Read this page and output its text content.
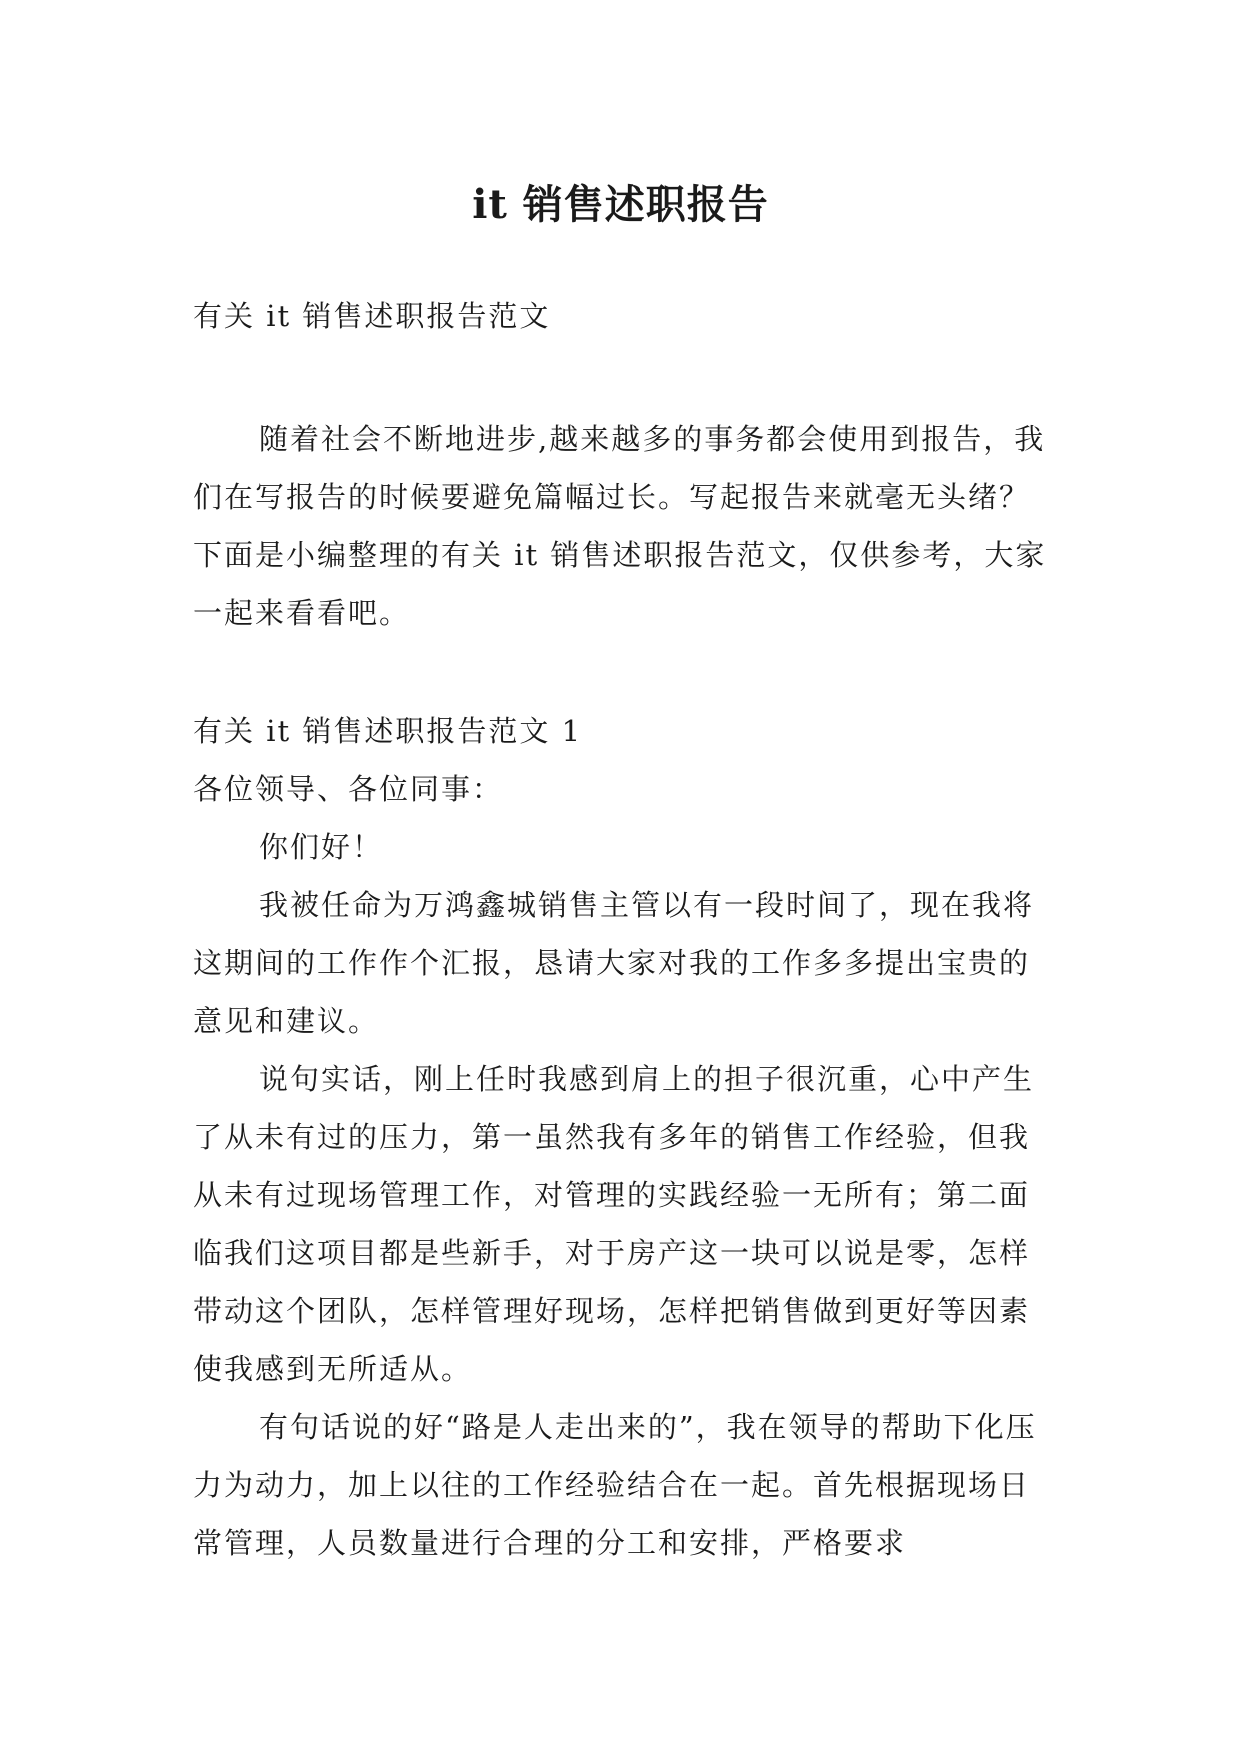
it 销售述职报告
有关 it 销售述职报告范文

随着社会不断地进步,越来越多的事务都会使用到报告，我们在写报告的时候要避免篇幅过长。写起报告来就毫无头绪？下面是小编整理的有关 it 销售述职报告范文，仅供参考，大家一起来看看吧。

有关 it 销售述职报告范文 1

各位领导、各位同事：

你们好！

我被任命为万鸿鑫城销售主管以有一段时间了，现在我将这期间的工作作个汇报，恳请大家对我的工作多多提出宝贵的意见和建议。

说句实话，刚上任时我感到肩上的担子很沉重，心中产生了从未有过的压力，第一虽然我有多年的销售工作经验，但我从未有过现场管理工作，对管理的实践经验一无所有；第二面临我们这项目都是些新手，对于房产这一块可以说是零，怎样带动这个团队，怎样管理好现场，怎样把销售做到更好等因素使我感到无所适从。

有句话说的好“路是人走出来的”，我在领导的帮助下化压力为动力，加上以往的工作经验结合在一起。首先根据现场日常管理，人员数量进行合理的分工和安排，严格要求
